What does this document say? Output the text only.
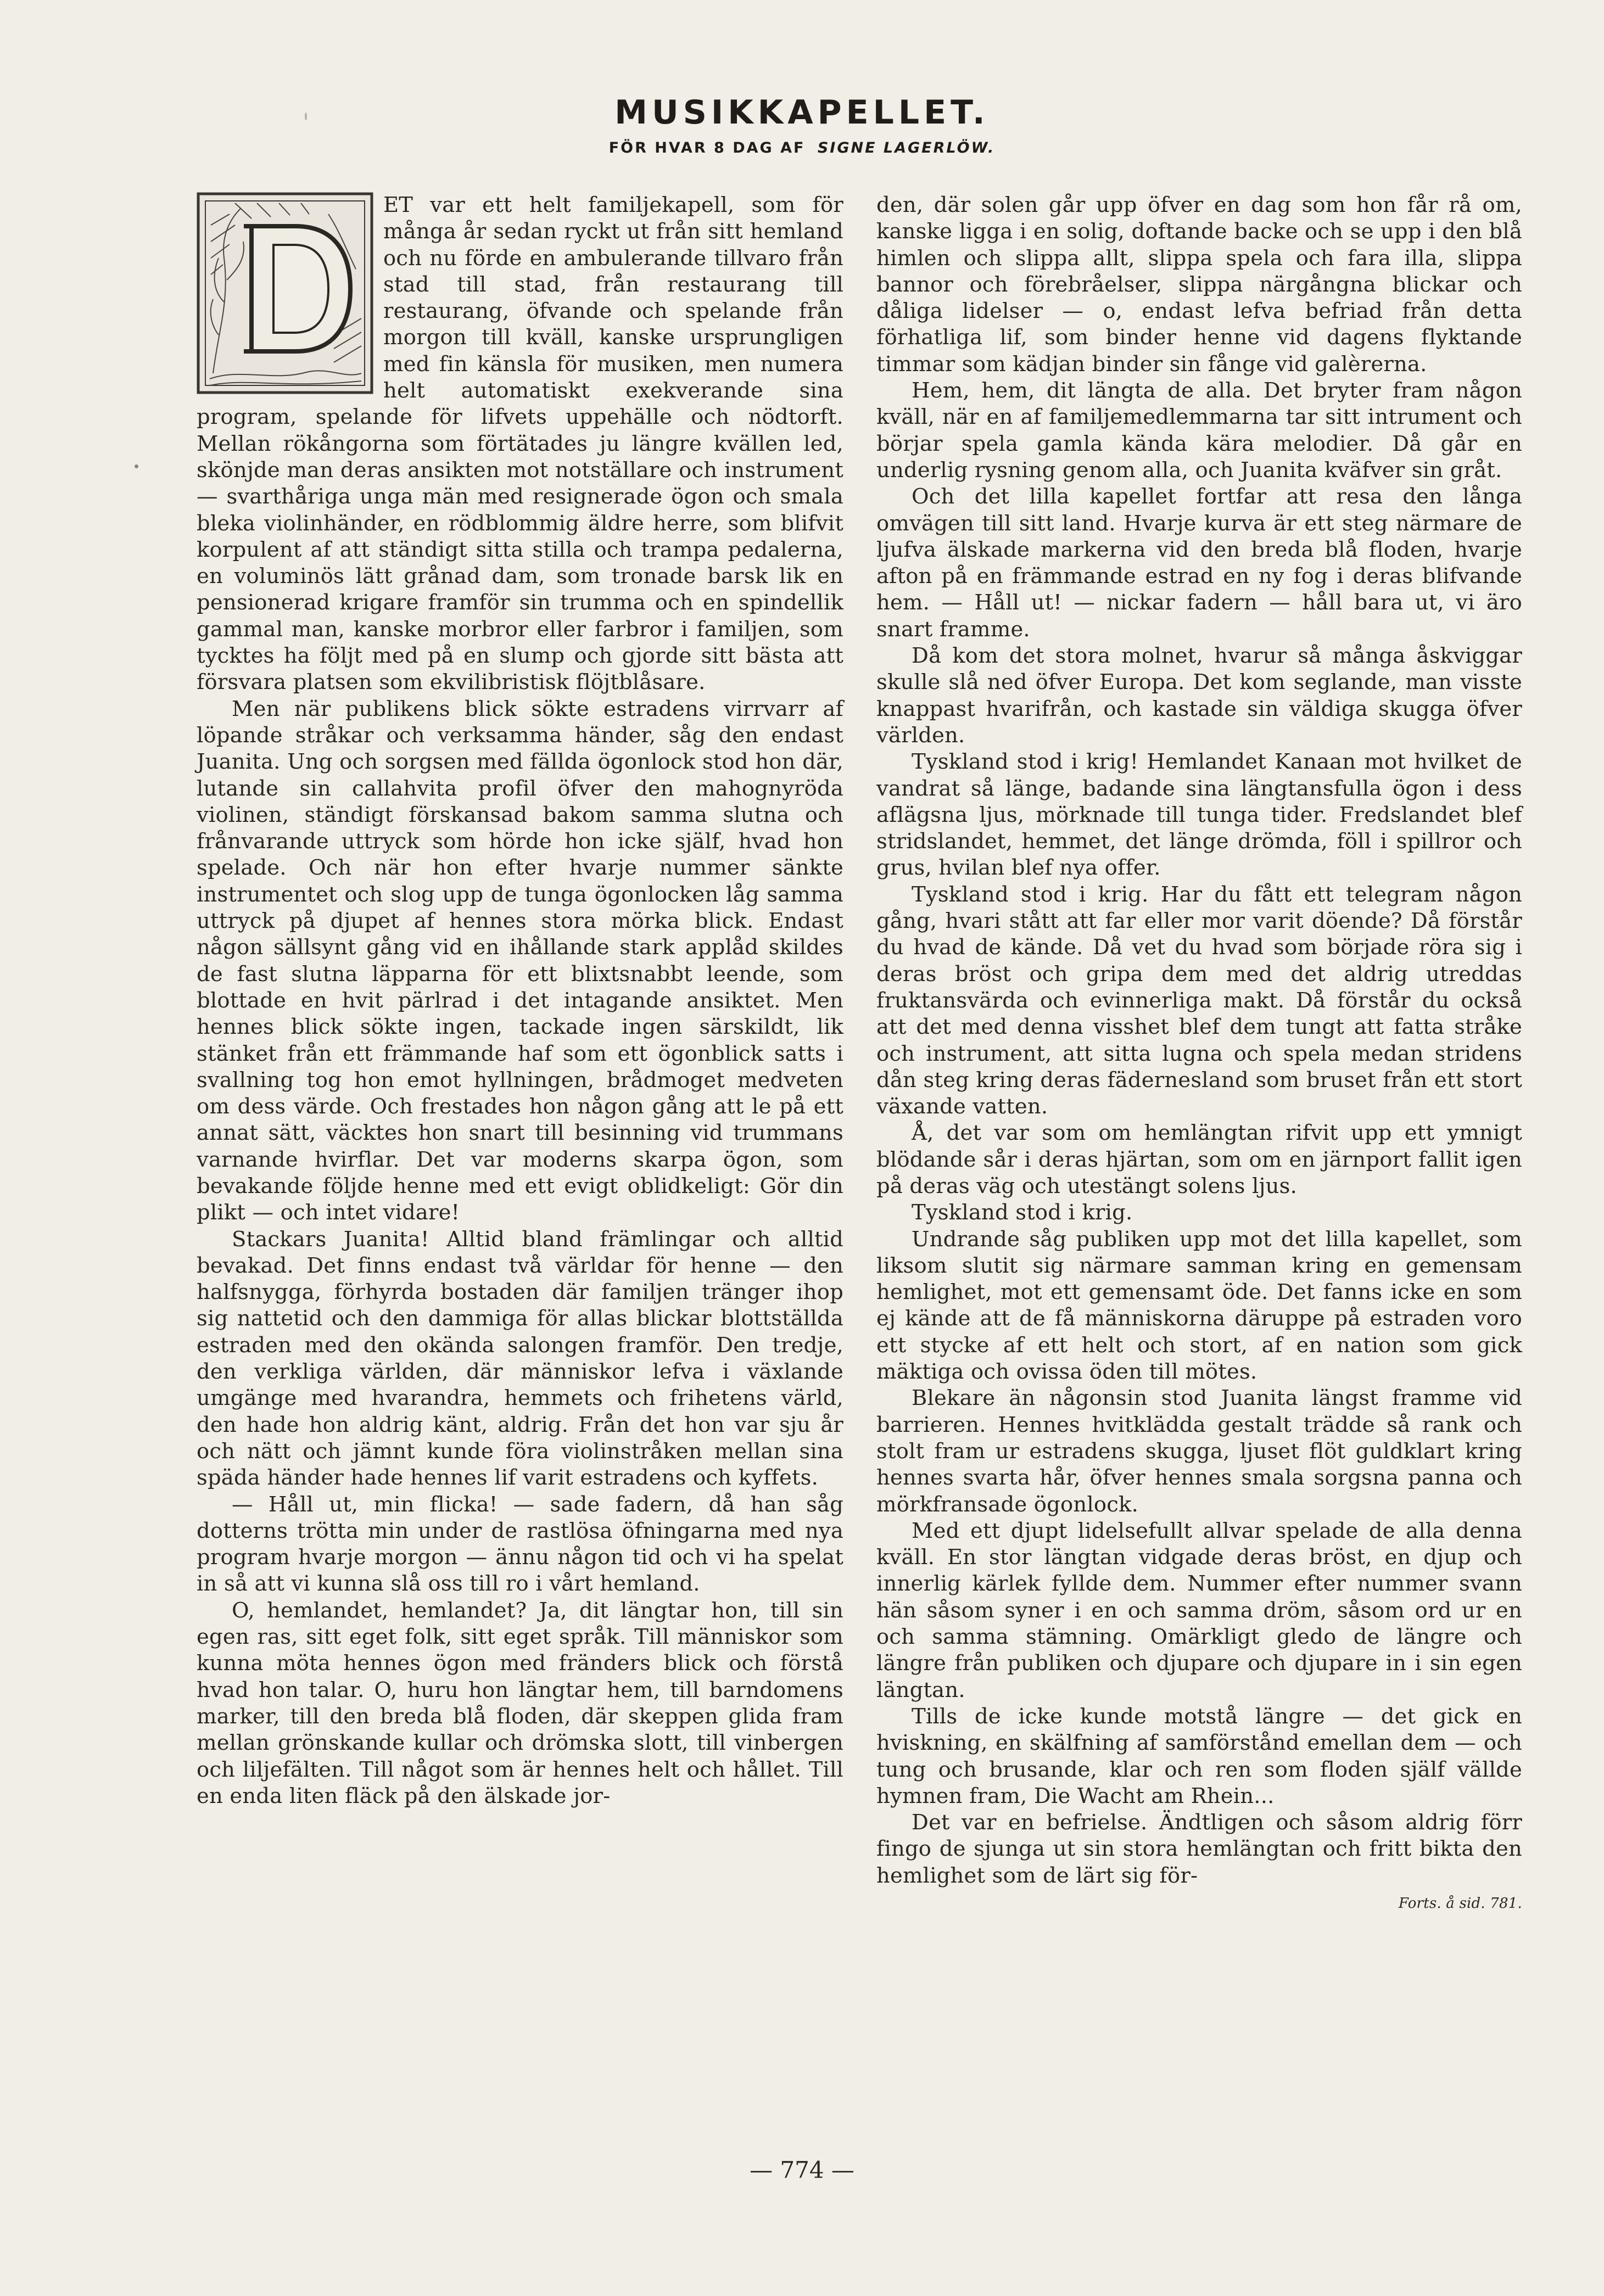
MUSIKKAPELLET.
FÖR HVAR 8 DAG AF SIGNE LAGERLÖW.

ET var ett helt familjekapell, som för många år sedan ryckt ut från sitt hemland och nu förde en ambulerande tillvaro från stad till stad, från restaurang till restaurang, öfvande och spelande från morgon till kväll, kanske ursprungligen med fin känsla för musiken, men numera helt automatiskt exekverande sina program, spelande för lifvets uppehälle och nödtorft. Mellan rökångorna som förtätades ju längre kvällen led, skönjde man deras ansikten mot notställare och instrument — svarthåriga unga män med resignerade ögon och smala bleka violinhänder, en rödblommig äldre herre, som blifvit korpulent af att ständigt sitta stilla och trampa pedalerna, en voluminös lätt grånad dam, som tronade barsk lik en pensionerad krigare framför sin trumma och en spindellik gammal man, kanske morbror eller farbror i familjen, som tycktes ha följt med på en slump och gjorde sitt bästa att försvara platsen som ekvilibristisk flöjtblåsare.

Men när publikens blick sökte estradens virrvarr af löpande stråkar och verksamma händer, såg den endast Juanita. Ung och sorgsen med fällda ögonlock stod hon där, lutande sin callahvita profil öfver den mahognyröda violinen, ständigt förskansad bakom samma slutna och frånvarande uttryck som hörde hon icke själf, hvad hon spelade. Och när hon efter hvarje nummer sänkte instrumentet och slog upp de tunga ögonlocken låg samma uttryck på djupet af hennes stora mörka blick. Endast någon sällsynt gång vid en ihållande stark applåd skildes de fast slutna läpparna för ett blixtsnabbt leende, som blottade en hvit pärlrad i det intagande ansiktet. Men hennes blick sökte ingen, tackade ingen särskildt, lik stänket från ett främmande haf som ett ögonblick satts i svallning tog hon emot hyllningen, brådmoget medveten om dess värde. Och frestades hon någon gång att le på ett annat sätt, väcktes hon snart till besinning vid trummans varnande hvirflar. Det var moderns skarpa ögon, som bevakande följde henne med ett evigt oblidkeligt: Gör din plikt — och intet vidare!

Stackars Juanita! Alltid bland främlingar och alltid bevakad. Det finns endast två världar för henne — den halfsnygga, förhyrda bostaden där familjen tränger ihop sig nattetid och den dammiga för allas blickar blottställda estraden med den okända salongen framför. Den tredje, den verkliga världen, där människor lefva i växlande umgänge med hvarandra, hemmets och frihetens värld, den hade hon aldrig känt, aldrig. Från det hon var sju år och nätt och jämnt kunde föra violinstråken mellan sina späda händer hade hennes lif varit estradens och kyffets.

— Håll ut, min flicka! — sade fadern, då han såg dotterns trötta min under de rastlösa öfningarna med nya program hvarje morgon — ännu någon tid och vi ha spelat in så att vi kunna slå oss till ro i vårt hemland.

O, hemlandet, hemlandet? Ja, dit längtar hon, till sin egen ras, sitt eget folk, sitt eget språk. Till människor som kunna möta hennes ögon med fränders blick och förstå hvad hon talar. O, huru hon längtar hem, till barndomens marker, till den breda blå floden, där skeppen glida fram mellan grönskande kullar och drömska slott, till vinbergen och liljefälten. Till något som är hennes helt och hållet. Till en enda liten fläck på den älskade jor-

den, där solen går upp öfver en dag som hon får rå om, kanske ligga i en solig, doftande backe och se upp i den blå himlen och slippa allt, slippa spela och fara illa, slippa bannor och förebråelser, slippa närgångna blickar och dåliga lidelser — o, endast lefva befriad från detta förhatliga lif, som binder henne vid dagens flyktande timmar som kädjan binder sin fånge vid galèrerna.

Hem, hem, dit längta de alla. Det bryter fram någon kväll, när en af familjemedlemmarna tar sitt intrument och börjar spela gamla kända kära melodier. Då går en underlig rysning genom alla, och Juanita kväfver sin gråt.

Och det lilla kapellet fortfar att resa den långa omvägen till sitt land. Hvarje kurva är ett steg närmare de ljufva älskade markerna vid den breda blå floden, hvarje afton på en främmande estrad en ny fog i deras blifvande hem. — Håll ut! — nickar fadern — håll bara ut, vi äro snart framme.

Då kom det stora molnet, hvarur så många åskviggar skulle slå ned öfver Europa. Det kom seglande, man visste knappast hvarifrån, och kastade sin väldiga skugga öfver världen.

Tyskland stod i krig! Hemlandet Kanaan mot hvilket de vandrat så länge, badande sina längtansfulla ögon i dess aflägsna ljus, mörknade till tunga tider. Fredslandet blef stridslandet, hemmet, det länge drömda, föll i spillror och grus, hvilan blef nya offer.

Tyskland stod i krig. Har du fått ett telegram någon gång, hvari stått att far eller mor varit döende? Då förstår du hvad de kände. Då vet du hvad som började röra sig i deras bröst och gripa dem med det aldrig utreddas fruktansvärda och evinnerliga makt. Då förstår du också att det med denna visshet blef dem tungt att fatta stråke och instrument, att sitta lugna och spela medan stridens dån steg kring deras fädernesland som bruset från ett stort växande vatten.

Å, det var som om hemlängtan rifvit upp ett ymnigt blödande sår i deras hjärtan, som om en järnport fallit igen på deras väg och utestängt solens ljus.

Tyskland stod i krig.

Undrande såg publiken upp mot det lilla kapellet, som liksom slutit sig närmare samman kring en gemensam hemlighet, mot ett gemensamt öde. Det fanns icke en som ej kände att de få människorna däruppe på estraden voro ett stycke af ett helt och stort, af en nation som gick mäktiga och ovissa öden till mötes.

Blekare än någonsin stod Juanita längst framme vid barrieren. Hennes hvitklädda gestalt trädde så rank och stolt fram ur estradens skugga, ljuset flöt guldklart kring hennes svarta hår, öfver hennes smala sorgsna panna och mörkfransade ögonlock.

Med ett djupt lidelsefullt allvar spelade de alla denna kväll. En stor längtan vidgade deras bröst, en djup och innerlig kärlek fyllde dem. Nummer efter nummer svann hän såsom syner i en och samma dröm, såsom ord ur en och samma stämning. Omärkligt gledo de längre och längre från publiken och djupare och djupare in i sin egen längtan.

Tills de icke kunde motstå längre — det gick en hviskning, en skälfning af samförstånd emellan dem — och tung och brusande, klar och ren som floden själf vällde hymnen fram, Die Wacht am Rhein...

Det var en befrielse. Ändtligen och såsom aldrig förr fingo de sjunga ut sin stora hemlängtan och fritt bikta den hemlighet som de lärt sig för-

Forts. å sid. 781.
— 774 —
